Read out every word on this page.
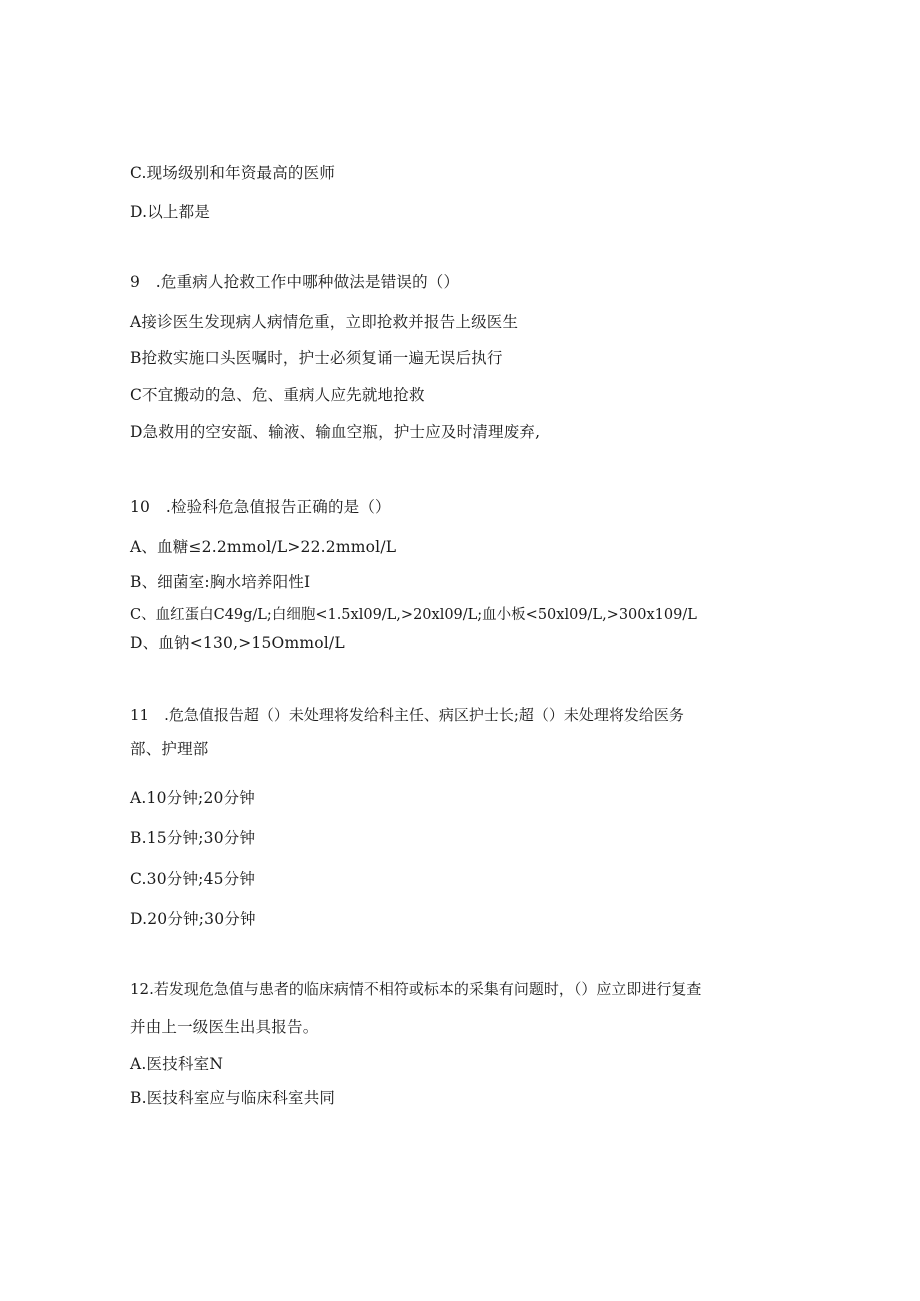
C.现场级别和年资最高的医师
D.以上都是
9　.危重病人抢救工作中哪种做法是错误的（）
A接诊医生发现病人病情危重，立即抢救并报告上级医生
B抢救实施口头医嘱时，护士必须复诵一遍无误后执行
C不宜搬动的急、危、重病人应先就地抢救
D急救用的空安瓿、输液、输血空瓶，护士应及时清理废弃,
10　.检验科危急值报告正确的是（）
A、血糖≤2.2mmol∕L>22.2mmol/L
B、细菌室:胸水培养阳性I
C、血红蛋白C49g∕L;白细胞<1.5xl09∕L,>20xl09/L;血小板<50xl09/L,>300x109/L
D、血钠<130,>15Ommol/L
11　.危急值报告超（）未处理将发给科主任、病区护士长;超（）未处理将发给医务
部、护理部
A.10分钟;20分钟
B.15分钟;30分钟
C.30分钟;45分钟
D.20分钟;30分钟
12.若发现危急值与患者的临床病情不相符或标本的采集有问题时，（）应立即进行复查
并由上一级医生出具报告。
A.医技科室N
B.医技科室应与临床科室共同
